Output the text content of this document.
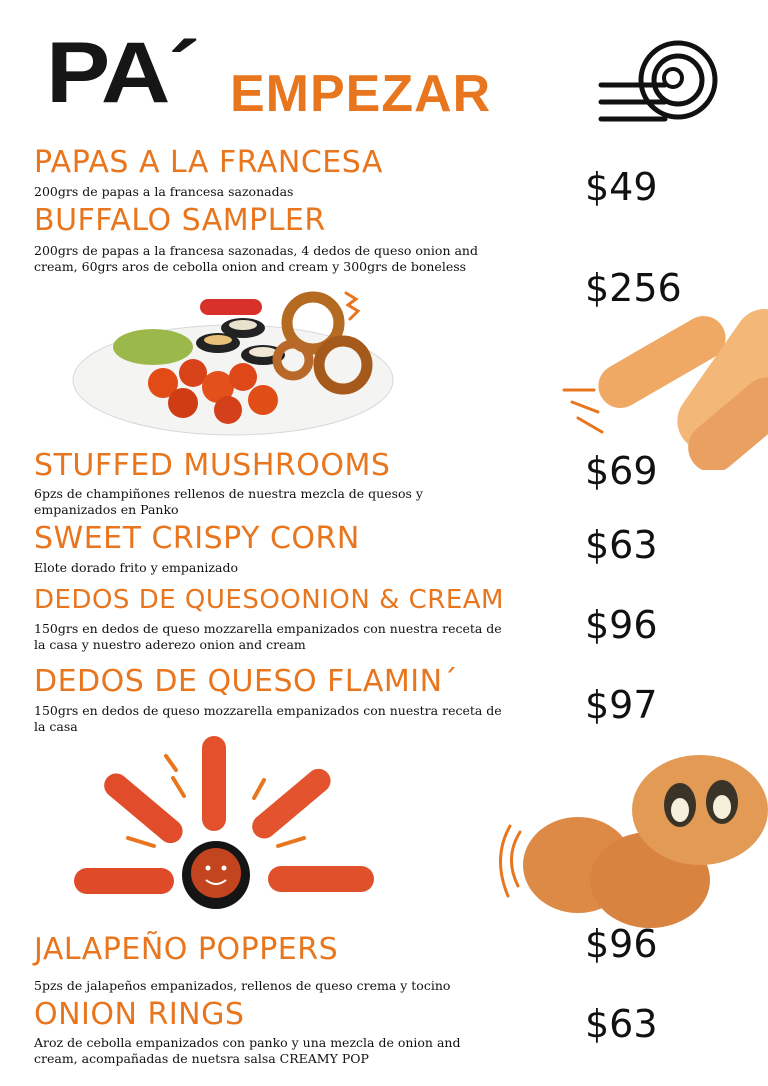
PA´ EMPEZAR
PAPAS A LA FRANCESA
200grs de papas a la francesa sazonadas	$49
BUFFALO SAMPLER
200grs de papas a la francesa sazonadas, 4 dedos de queso onion and cream, 60grs aros de cebolla onion and cream y 300grs de boneless	$256
STUFFED MUSHROOMS
6pzs de champiñones rellenos de nuestra mezcla de quesos y empanizados en Panko
$69
SWEET CRISPY CORN
Elote dorado frito y empanizado
$63
DEDOS DE QUESOONION & CREAM
150grs en dedos de queso mozzarella empanizados con nuestra receta de la casa y nuestro aderezo onion and cream	$96
DEDOS DE QUESO FLAMIN´
150grs en dedos de queso mozzarella empanizados con nuestra receta de la casa	$97
JALAPEÑO POPPERS
5pzs de jalapeños empanizados, rellenos de queso crema y tocino
$96
ONION RINGS
Aroz de cebolla empanizados con panko y una mezcla de onion and cream, acompañadas de nuetsra salsa CREAMY POP
$63
